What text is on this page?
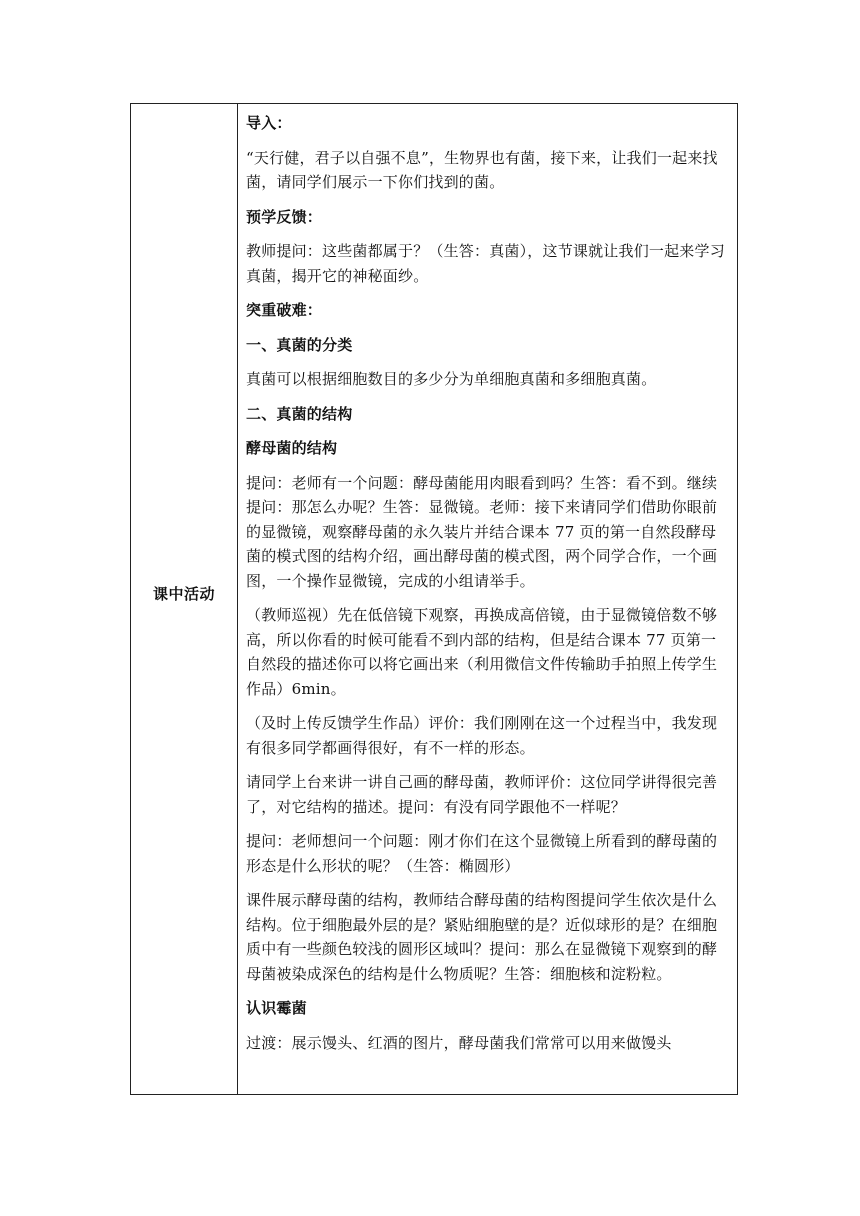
课中活动

导入：

“天行健，君子以自强不息”，生物界也有菌，接下来，让我们一起来找菌，请同学们展示一下你们找到的菌。

预学反馈：

教师提问：这些菌都属于？（生答：真菌），这节课就让我们一起来学习真菌，揭开它的神秘面纱。

突重破难：

一、真菌的分类

真菌可以根据细胞数目的多少分为单细胞真菌和多细胞真菌。

二、真菌的结构

酵母菌的结构

提问：老师有一个问题：酵母菌能用肉眼看到吗？生答：看不到。继续提问：那怎么办呢？生答：显微镜。老师：接下来请同学们借助你眼前的显微镜，观察酵母菌的永久装片并结合课本 77 页的第一自然段酵母菌的模式图的结构介绍，画出酵母菌的模式图，两个同学合作，一个画图，一个操作显微镜，完成的小组请举手。

（教师巡视）先在低倍镜下观察，再换成高倍镜，由于显微镜倍数不够高，所以你看的时候可能看不到内部的结构，但是结合课本 77 页第一自然段的描述你可以将它画出来（利用微信文件传输助手拍照上传学生作品）6min。

（及时上传反馈学生作品）评价：我们刚刚在这一个过程当中，我发现有很多同学都画得很好，有不一样的形态。

请同学上台来讲一讲自己画的酵母菌，教师评价：这位同学讲得很完善了，对它结构的描述。提问：有没有同学跟他不一样呢？

提问：老师想问一个问题：刚才你们在这个显微镜上所看到的酵母菌的形态是什么形状的呢？（生答：椭圆形）

课件展示酵母菌的结构，教师结合酵母菌的结构图提问学生依次是什么结构。位于细胞最外层的是？紧贴细胞壁的是？近似球形的是？在细胞质中有一些颜色较浅的圆形区域叫？提问：那么在显微镜下观察到的酵母菌被染成深色的结构是什么物质呢？生答：细胞核和淀粉粒。

认识霉菌

过渡：展示馒头、红酒的图片，酵母菌我们常常可以用来做馒头
